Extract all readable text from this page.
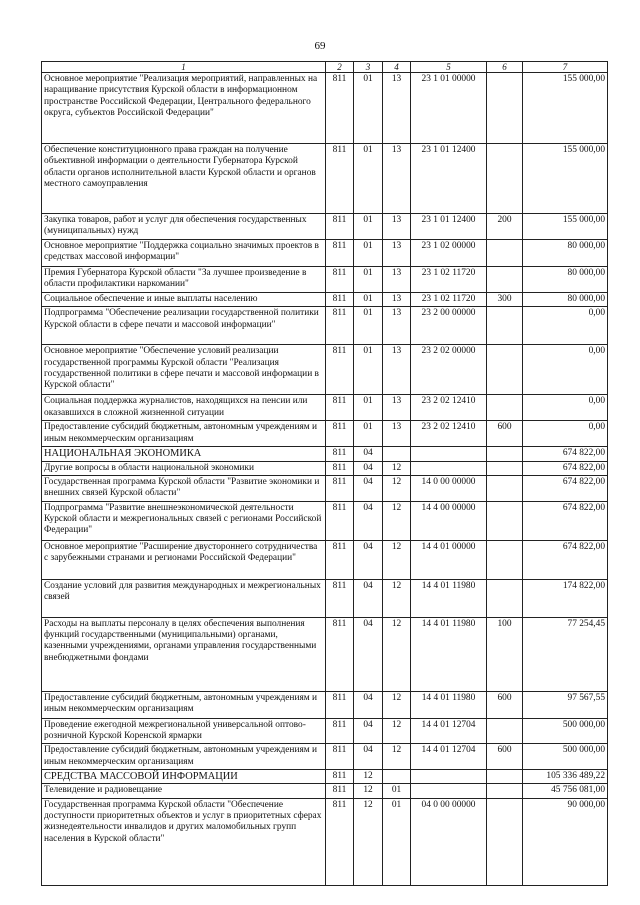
69
1	2	3	4	5	6	7
Основное мероприятие "Реализация мероприятий, направленных на наращивание присутствия Курской области в информационном пространстве Российской Федерации, Центрального федерального округа, субъектов Российской Федерации"	811	01	13	23 1 01 00000		155 000,00
Обеспечение конституционного права граждан на получение объективной информации о деятельности Губернатора Курской области органов исполнительной власти Курской области и органов местного самоуправления	811	01	13	23 1 01 12400		155 000,00
Закупка товаров, работ и услуг для обеспечения государственных (муниципальных) нужд	811	01	13	23 1 01 12400	200	155 000,00
Основное мероприятие "Поддержка социально значимых проектов в средствах массовой информации"	811	01	13	23 1 02 00000		80 000,00
Премия Губернатора Курской области "За лучшее произведение в области профилактики наркомании"	811	01	13	23 1 02 11720		80 000,00
Социальное обеспечение и иные выплаты населению	811	01	13	23 1 02 11720	300	80 000,00
Подпрограмма "Обеспечение реализации государственной политики Курской области в сфере печати и массовой информации"	811	01	13	23 2 00 00000		0,00
Основное мероприятие "Обеспечение условий реализации государственной программы Курской области "Реализация государственной политики в сфере печати и массовой информации в Курской области"	811	01	13	23 2 02 00000		0,00
Социальная поддержка журналистов, находящихся на пенсии или оказавшихся в сложной жизненной ситуации	811	01	13	23 2 02 12410		0,00
Предоставление субсидий бюджетным, автономным учреждениям и иным некоммерческим организациям	811	01	13	23 2 02 12410	600	0,00
НАЦИОНАЛЬНАЯ ЭКОНОМИКА	811	04				674 822,00
Другие вопросы в области национальной экономики	811	04	12			674 822,00
Государственная программа Курской области "Развитие экономики и внешних связей Курской области"	811	04	12	14 0 00 00000		674 822,00
Подпрограмма "Развитие внешнеэкономической деятельности Курской области и межрегиональных связей с регионами Российской Федерации"	811	04	12	14 4 00 00000		674 822,00
Основное мероприятие "Расширение двустороннего сотрудничества с зарубежными странами и регионами Российской Федерации"	811	04	12	14 4 01 00000		674 822,00
Создание условий для развития международных и межрегиональных связей	811	04	12	14 4 01 11980		174 822,00
Расходы на выплаты персоналу в целях обеспечения выполнения функций государственными (муниципальными) органами, казенными учреждениями, органами управления государственными внебюджетными фондами	811	04	12	14 4 01 11980	100	77 254,45
Предоставление субсидий бюджетным, автономным учреждениям и иным некоммерческим организациям	811	04	12	14 4 01 11980	600	97 567,55
Проведение ежегодной межрегиональной универсальной оптово-розничной Курской Коренской ярмарки	811	04	12	14 4 01 12704		500 000,00
Предоставление субсидий бюджетным, автономным учреждениям и иным некоммерческим организациям	811	04	12	14 4 01 12704	600	500 000,00
СРЕДСТВА МАССОВОЙ ИНФОРМАЦИИ	811	12				105 336 489,22
Телевидение и радиовещание	811	12	01			45 756 081,00
Государственная программа Курской области "Обеспечение доступности приоритетных объектов и услуг в приоритетных сферах жизнедеятельности инвалидов и других маломобильных групп населения в Курской области"	811	12	01	04 0 00 00000		90 000,00
